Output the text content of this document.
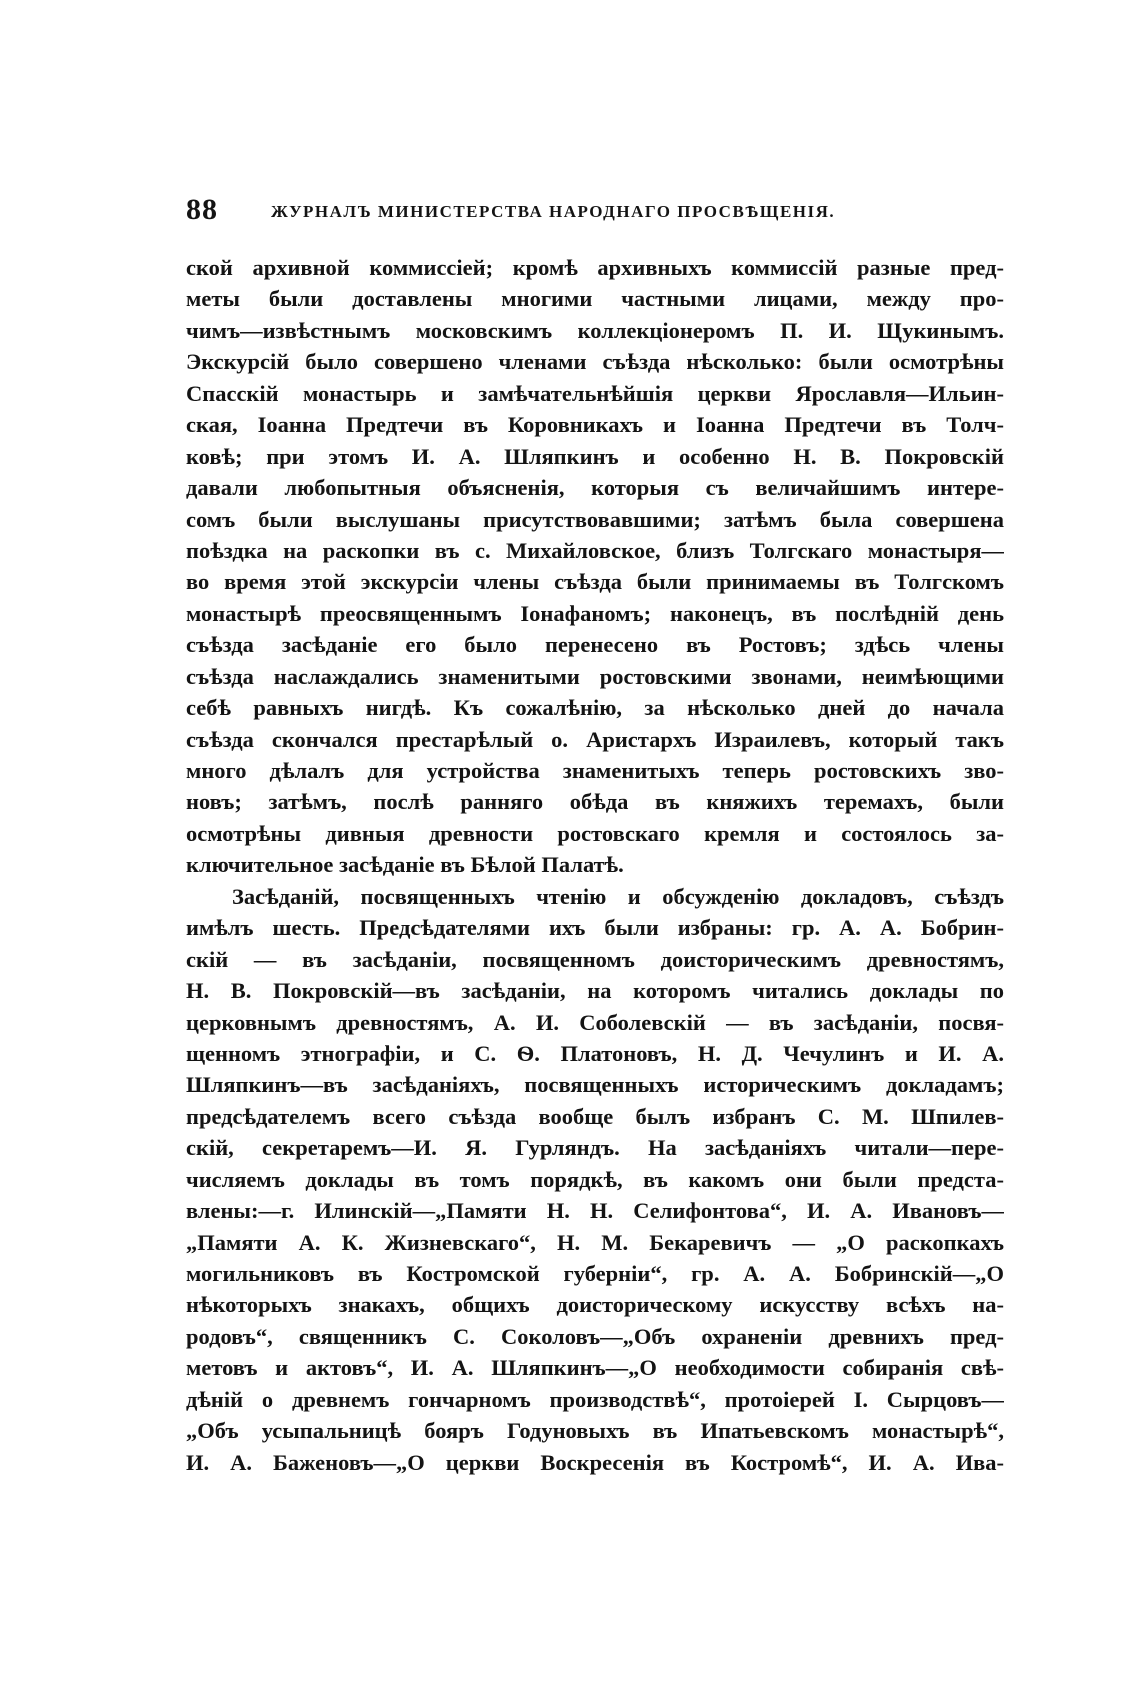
88	ЖУРНАЛЪ МИНИСТЕРСТВА НАРОДНАГО ПРОСВѢЩЕНІЯ.
ской архивной коммиссіей; кромѣ архивныхъ коммиссій разные пред-
меты были доставлены многими частными лицами, между про-
чимъ—извѣстнымъ московскимъ коллекціонеромъ П. И. Щукинымъ.
Экскурсій было совершено членами съѣзда нѣсколько: были осмотрѣны
Спасскій монастырь и замѣчательнѣйшія церкви Ярославля—Ильин-
ская, Іоанна Предтечи въ Коровникахъ и Іоанна Предтечи въ Толч-
ковѣ; при этомъ И. А. Шляпкинъ и особенно Н. В. Покровскій
давали любопытныя объясненія, которыя съ величайшимъ интере-
сомъ были выслушаны присутствовавшими; затѣмъ была совершена
поѣздка на раскопки въ с. Михайловское, близъ Толгскаго монастыря—
во время этой экскурсіи члены съѣзда были принимаемы въ Толгскомъ
монастырѣ преосвященнымъ Іонафаномъ; наконецъ, въ послѣдній день
съѣзда засѣданіе его было перенесено въ Ростовъ; здѣсь члены
съѣзда наслаждались знаменитыми ростовскими звонами, неимѣющими
себѣ равныхъ нигдѣ. Къ сожалѣнію, за нѣсколько дней до начала
съѣзда скончался престарѣлый о. Аристархъ Израилевъ, который такъ
много дѣлалъ для устройства знаменитыхъ теперь ростовскихъ зво-
новъ; затѣмъ, послѣ ранняго обѣда въ княжихъ теремахъ, были
осмотрѣны дивныя древности ростовскаго кремля и состоялось за-
ключительное засѣданіе въ Бѣлой Палатѣ.
Засѣданій, посвященныхъ чтенію и обсужденію докладовъ, съѣздъ
имѣлъ шесть. Предсѣдателями ихъ были избраны: гр. А. А. Бобрин-
скій — въ засѣданіи, посвященномъ доисторическимъ древностямъ,
Н. В. Покровскій—въ засѣданіи, на которомъ читались доклады по
церковнымъ древностямъ, А. И. Соболевскій — въ засѣданіи, посвя-
щенномъ этнографіи, и С. Ѳ. Платоновъ, Н. Д. Чечулинъ и И. А.
Шляпкинъ—въ засѣданіяхъ, посвященныхъ историческимъ докладамъ;
предсѣдателемъ всего съѣзда вообще былъ избранъ С. М. Шпилев-
скій, секретаремъ—И. Я. Гурляндъ. На засѣданіяхъ читали—пере-
числяемъ доклады въ томъ порядкѣ, въ какомъ они были предста-
влены:—г. Илинскій—„Памяти Н. Н. Селифонтова“, И. А. Ивановъ—
„Памяти А. К. Жизневскаго“, Н. М. Бекаревичъ — „О раскопкахъ
могильниковъ въ Костромской губерніи“, гр. А. А. Бобринскій—„О
нѣкоторыхъ знакахъ, общихъ доисторическому искусству всѣхъ на-
родовъ“, священникъ С. Соколовъ—„Объ охраненіи древнихъ пред-
метовъ и актовъ“, И. А. Шляпкинъ—„О необходимости собиранія свѣ-
дѣній о древнемъ гончарномъ производствѣ“, протоіерей І. Сырцовъ—
„Объ усыпальницѣ бояръ Годуновыхъ въ Ипатьевскомъ монастырѣ“,
И. А. Баженовъ—„О церкви Воскресенія въ Костромѣ“, И. А. Ива-
